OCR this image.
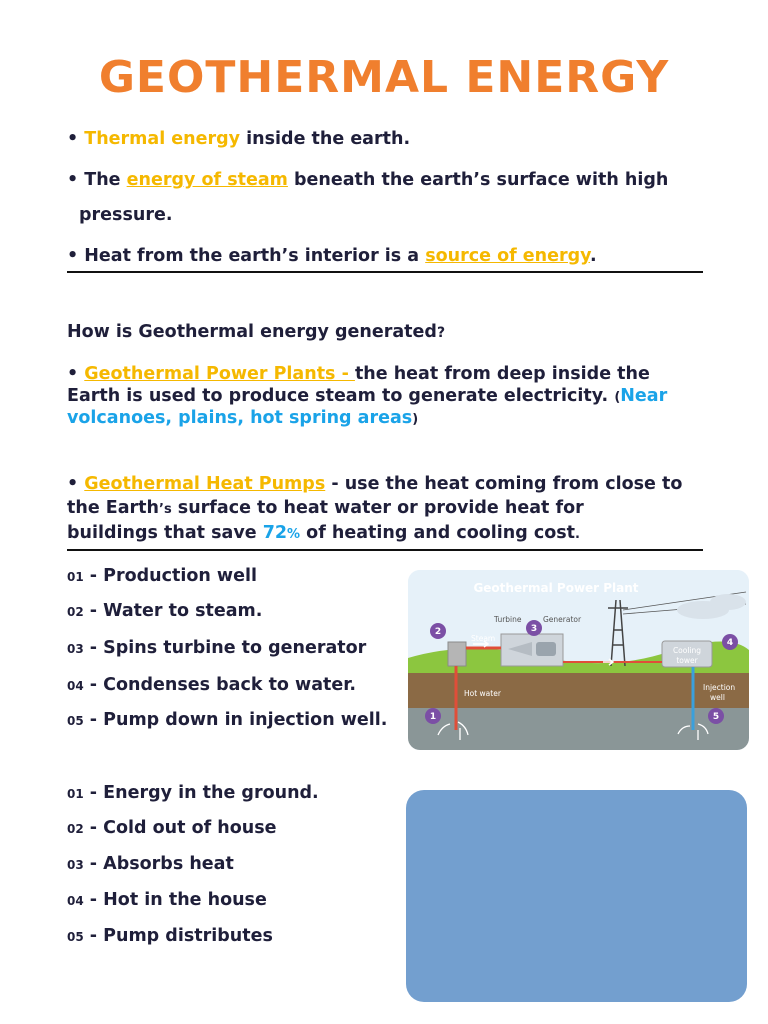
GEOTHERMAL ENERGY
• Thermal energy inside the earth.
• The energy of steam beneath the earth’s surface with high
pressure.
• Heat from the earth’s interior is a source of energy.
How is Geothermal energy generated?
• Geothermal Power Plants - the heat from deep inside the
Earth is used to produce steam to generate electricity. (Near
volcanoes, plains, hot spring areas)
• Geothermal Heat Pumps - use the heat coming from close to
the Earth’s surface to heat water or provide heat for
buildings that save 72% of heating and cooling cost.
01 - Production well
02 - Water to steam.
03 - Spins turbine to generator
04 - Condenses back to water.
05 - Pump down in injection well.
Geothermal Power Plant
Cooling
tower
Steam
Turbine	Generator
Hot water
Injection
well
1
2	3
4
5
01 - Energy in the ground.
02 - Cold out of house
03 - Absorbs heat
04 - Hot in the house
05 - Pump distributes
